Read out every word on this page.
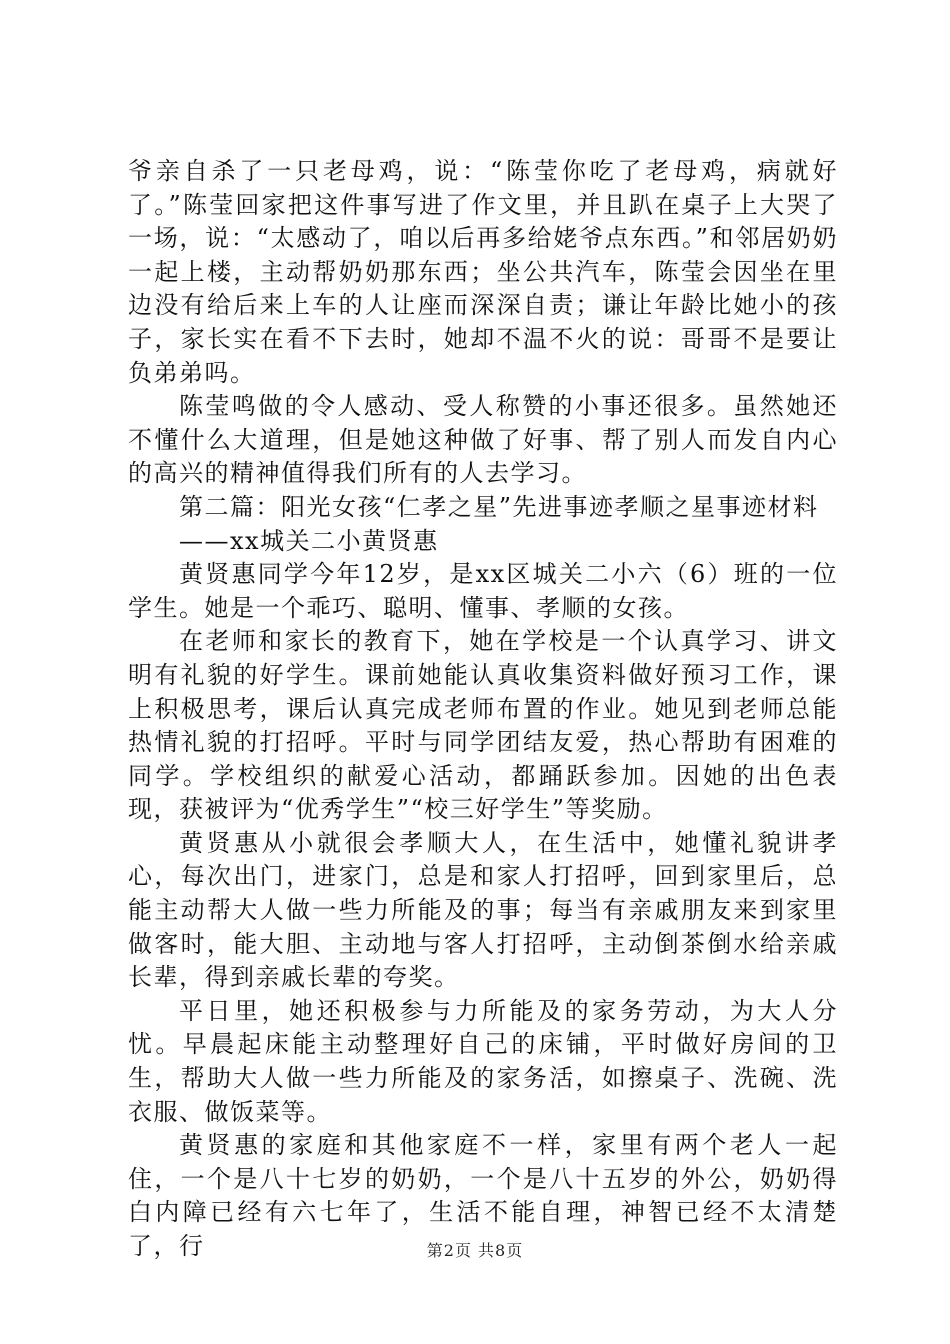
爷亲自杀了一只老母鸡，说：“陈莹你吃了老母鸡，病就好了。”陈莹回家把这件事写进了作文里，并且趴在桌子上大哭了一场，说：“太感动了，咱以后再多给姥爷点东西。”和邻居奶奶一起上楼，主动帮奶奶那东西；坐公共汽车，陈莹会因坐在里边没有给后来上车的人让座而深深自责；谦让年龄比她小的孩子，家长实在看不下去时，她却不温不火的说：哥哥不是要让负弟弟吗。

陈莹鸣做的令人感动、受人称赞的小事还很多。虽然她还不懂什么大道理，但是她这种做了好事、帮了别人而发自内心的高兴的精神值得我们所有的人去学习。

第二篇：阳光女孩“仁孝之星”先进事迹孝顺之星事迹材料

——xx城关二小黄贤惠

黄贤惠同学今年12岁，是xx区城关二小六（6）班的一位学生。她是一个乖巧、聪明、懂事、孝顺的女孩。

在老师和家长的教育下，她在学校是一个认真学习、讲文明有礼貌的好学生。课前她能认真收集资料做好预习工作，课上积极思考，课后认真完成老师布置的作业。她见到老师总能热情礼貌的打招呼。平时与同学团结友爱，热心帮助有困难的同学。学校组织的献爱心活动，都踊跃参加。因她的出色表现，获被评为“优秀学生”“校三好学生”等奖励。

黄贤惠从小就很会孝顺大人，在生活中，她懂礼貌讲孝心，每次出门，进家门，总是和家人打招呼，回到家里后，总能主动帮大人做一些力所能及的事；每当有亲戚朋友来到家里做客时，能大胆、主动地与客人打招呼，主动倒茶倒水给亲戚长辈，得到亲戚长辈的夸奖。

平日里，她还积极参与力所能及的家务劳动，为大人分忧。早晨起床能主动整理好自己的床铺，平时做好房间的卫生，帮助大人做一些力所能及的家务活，如擦桌子、洗碗、洗衣服、做饭菜等。

黄贤惠的家庭和其他家庭不一样，家里有两个老人一起住，一个是八十七岁的奶奶，一个是八十五岁的外公，奶奶得白内障已经有六七年了，生活不能自理，神智已经不太清楚了，行	第2页 共8页
